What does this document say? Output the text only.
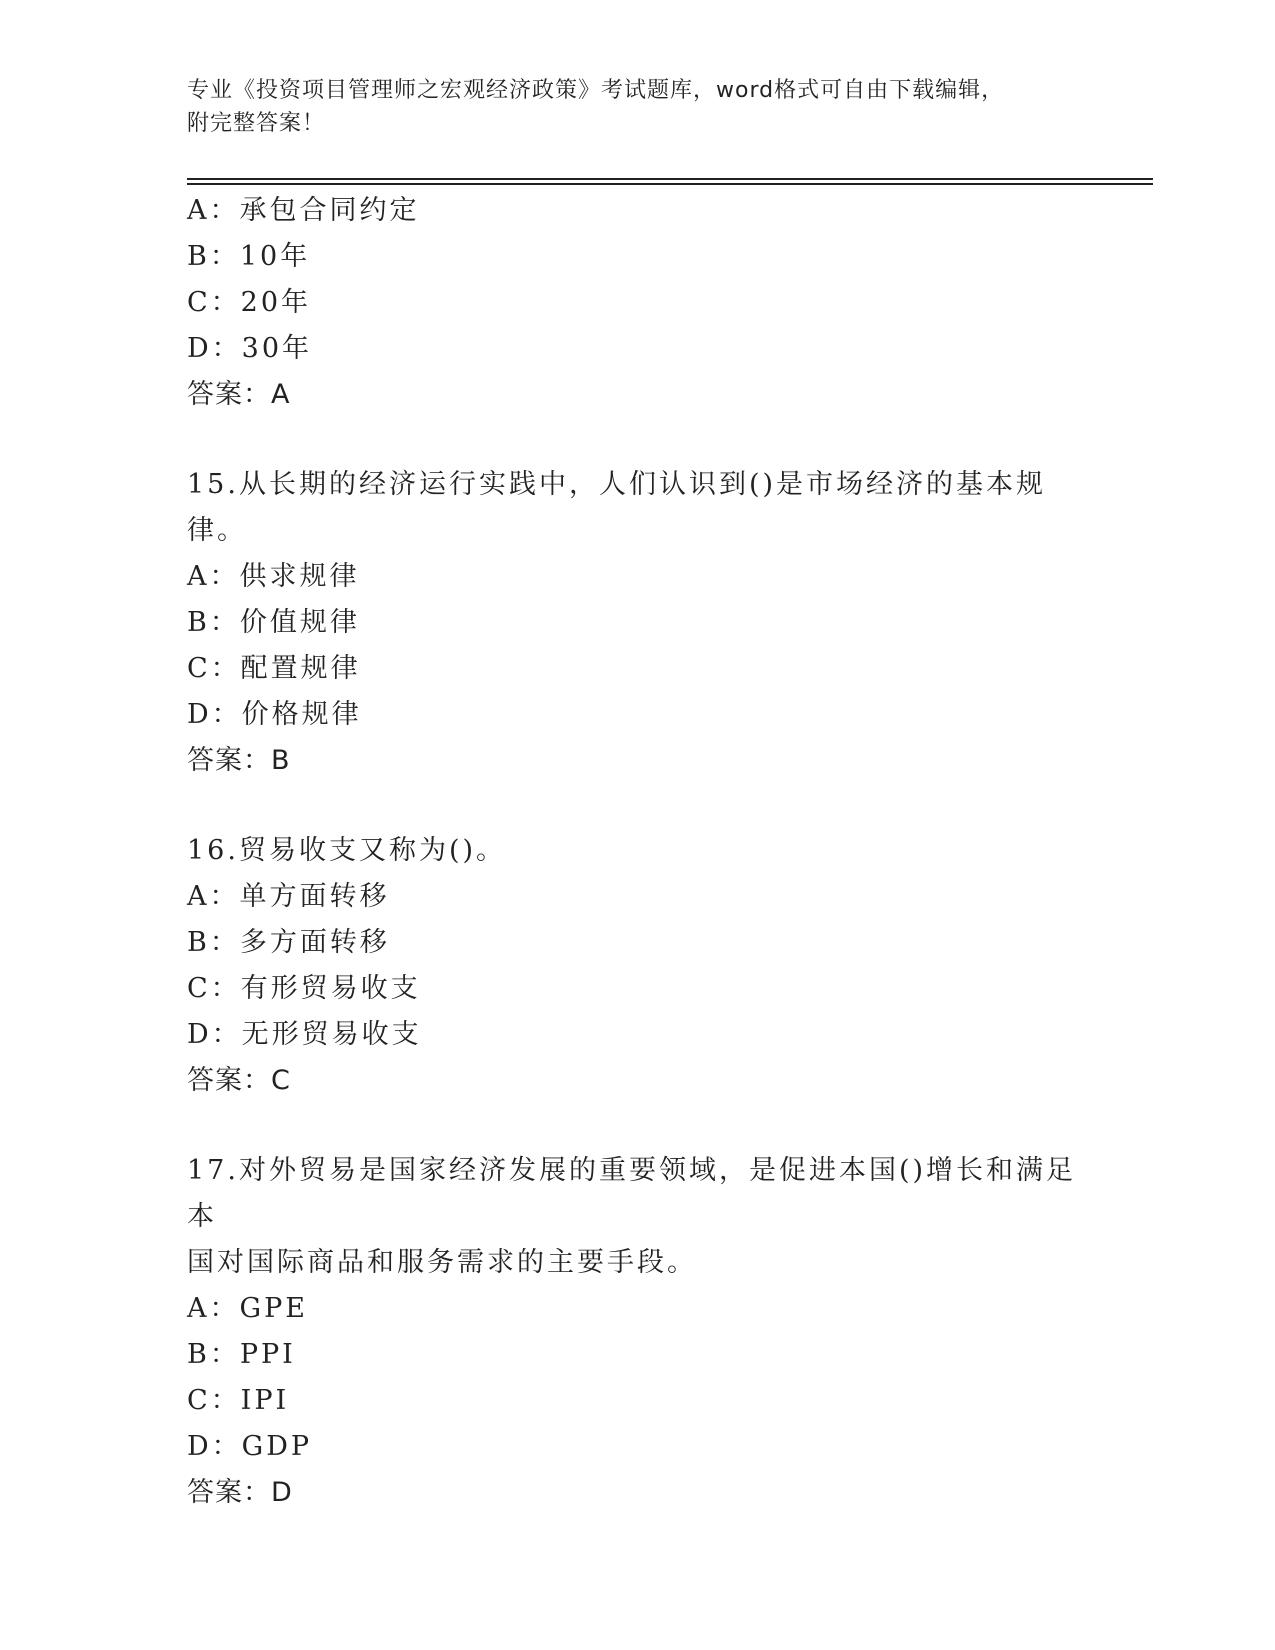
专业《投资项目管理师之宏观经济政策》考试题库，word格式可自由下载编辑，
附完整答案！
A：承包合同约定
B：10年
C：20年
D：30年
答案：A
15.从长期的经济运行实践中，人们认识到()是市场经济的基本规律。
A：供求规律
B：价值规律
C：配置规律
D：价格规律
答案：B
16.贸易收支又称为()。
A：单方面转移
B：多方面转移
C：有形贸易收支
D：无形贸易收支
答案：C
17.对外贸易是国家经济发展的重要领域，是促进本国()增长和满足本
国对国际商品和服务需求的主要手段。
A：GPE
B：PPI
C：IPI
D：GDP
答案：D
